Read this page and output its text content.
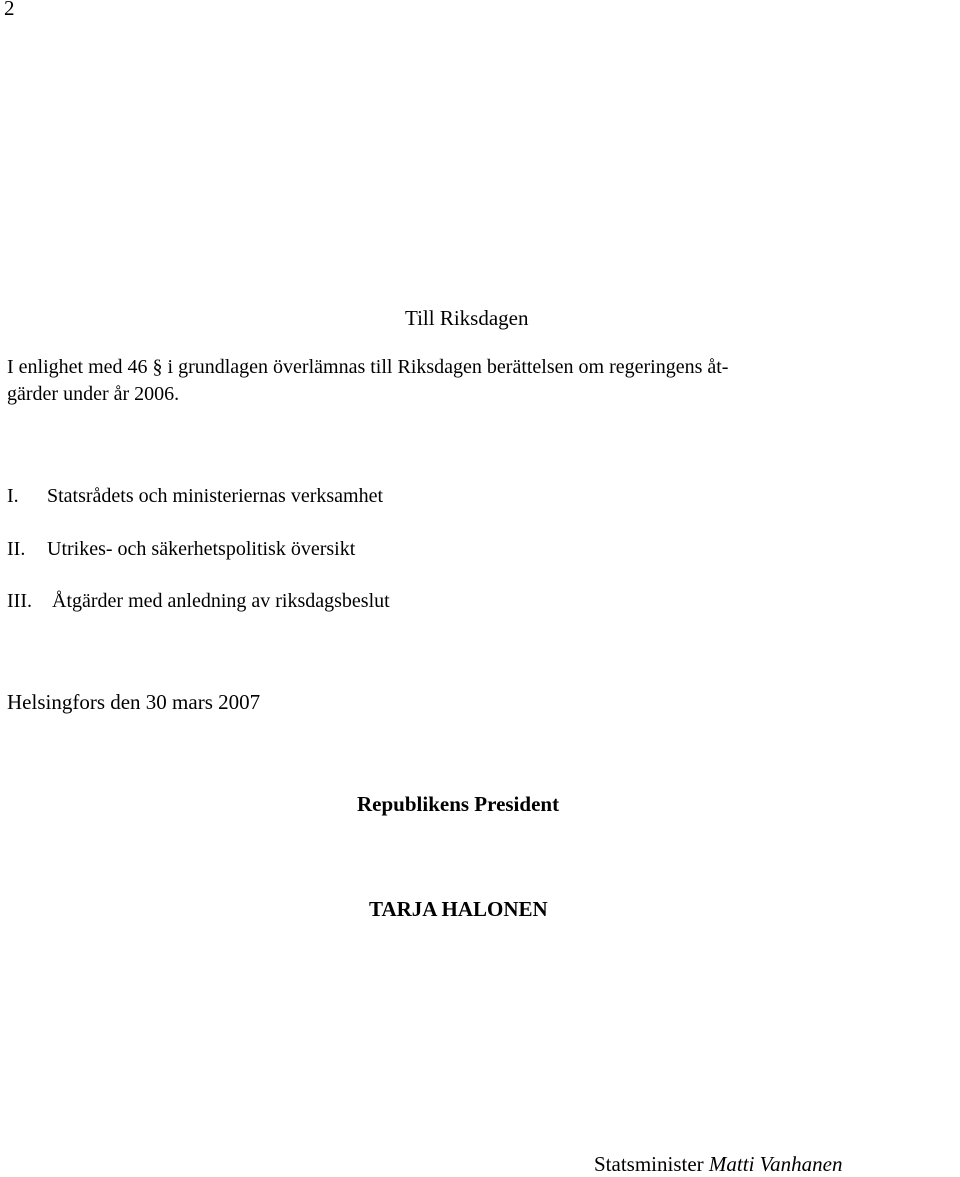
2
Till Riksdagen
I enlighet med 46 § i grundlagen överlämnas till Riksdagen berättelsen om regeringens åt-
gärder under år 2006.
I. Statsrådets och ministeriernas verksamhet
II. Utrikes- och säkerhetspolitisk översikt
III. Åtgärder med anledning av riksdagsbeslut
Helsingfors den 30 mars 2007
Republikens President
TARJA HALONEN
Statsminister Matti Vanhanen
